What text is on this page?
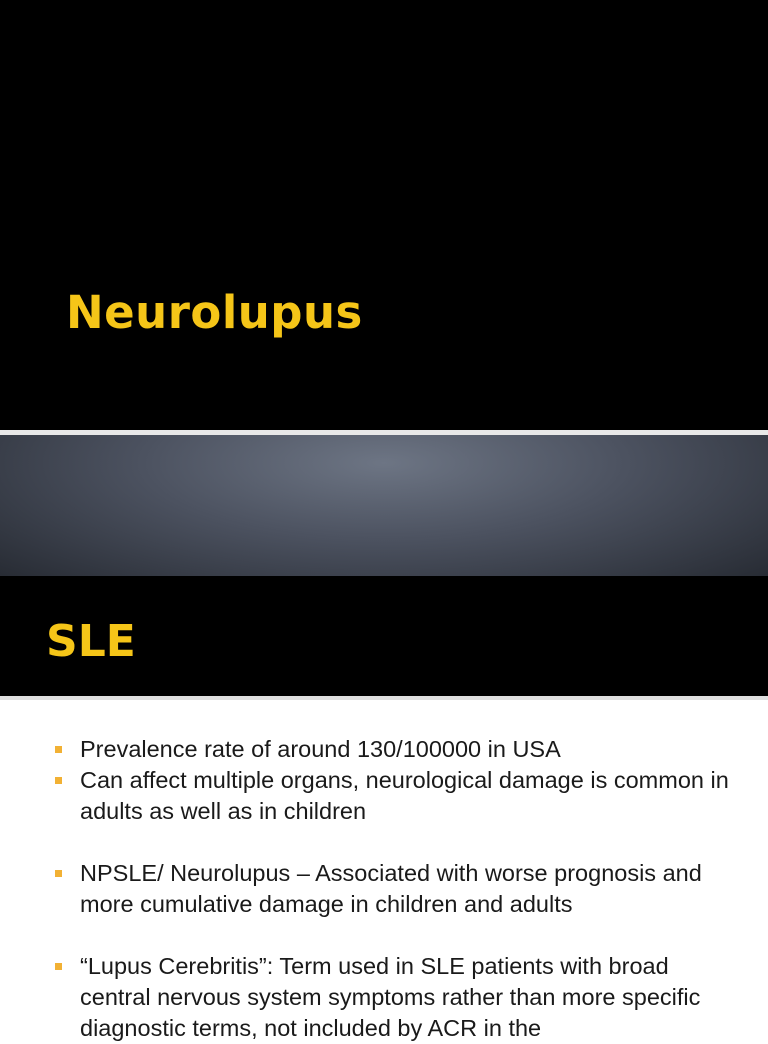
Neurolupus
SLE
Prevalence rate of around 130/100000 in USA
Can affect multiple organs, neurological damage is common in adults as well as in children
NPSLE/ Neurolupus – Associated with worse prognosis and more cumulative damage in children and adults
“Lupus Cerebritis”: Term used in SLE patients with broad central nervous system symptoms rather than more specific diagnostic terms, not included by ACR in the
